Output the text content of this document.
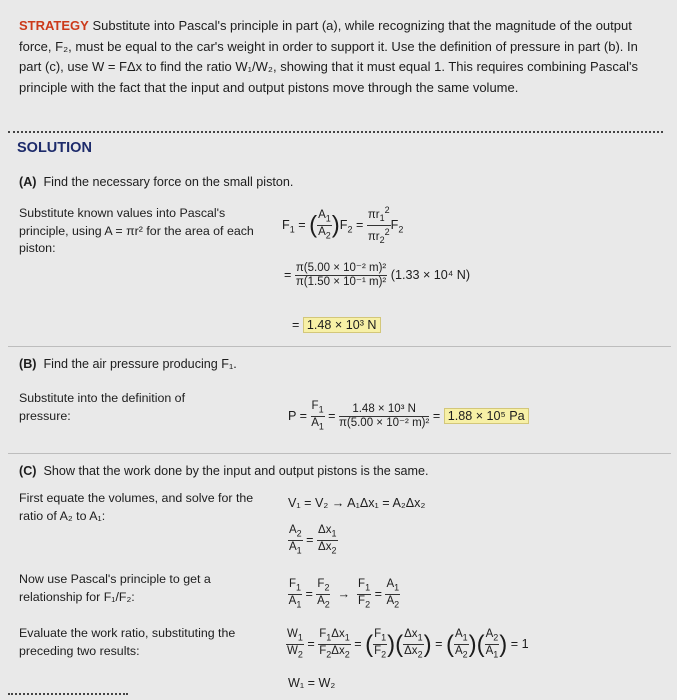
STRATEGY Substitute into Pascal's principle in part (a), while recognizing that the magnitude of the output force, F₂, must be equal to the car's weight in order to support it. Use the definition of pressure in part (b). In part (c), use W = FΔx to find the ratio W₁/W₂, showing that it must equal 1. This requires combining Pascal's principle with the fact that the input and output pistons move through the same volume.
SOLUTION
(A) Find the necessary force on the small piston.
Substitute known values into Pascal's principle, using A = πr² for the area of each piston:
$F_1$ = ( $\frac{A_1}{A_2} )F_2 = \frac{\pi r_1^2}{\pi r_2^2} F_2$
= $\frac{\text{π(5.00 × 10⁻² m)²}}{\text{π(1.50 × 10⁻¹ m)²}} (1.33 \times 10^4$ N)
= 1.48 × 10³ N
(B) Find the air pressure producing F₁.
Substitute into the definition of pressure:	$P = \frac{F_1}{A_1} = \frac{\text{1.48 × 10³ N}}{\text{π(5.00 × 10⁻² m)²}} = 1.88 \times 10^5$ Pa
(C) Show that the work done by the input and output pistons is the same.
First equate the volumes, and solve for the ratio of A₂ to A₁:
V₁ = V₂ → A₁Δx₁ = A₂Δx₂
$\frac{A_2}{A_1} = \frac{\Delta x_1}{\Delta x_2}$
Now use Pascal's principle to get a relationship for F₁/F₂:	$\frac{F_1}{A_1} = \frac{F_2}{A_2} \to \frac{F_1}{F_2} = \frac{A_1}{A_2}$
Evaluate the work ratio, substituting the preceding two results:	$\frac{W_1}{W_2} = \frac{F_1\Delta x_1}{F_2\Delta x_2}$ = ( $\frac{F_1}{F_2}$ )( $\frac{\Delta x_1}{\Delta x_2}$ ) = ( $\frac{A_1}{A_2}$ )( $\frac{A_2}{A_1}$ ) = 1
W₁ = W₂
